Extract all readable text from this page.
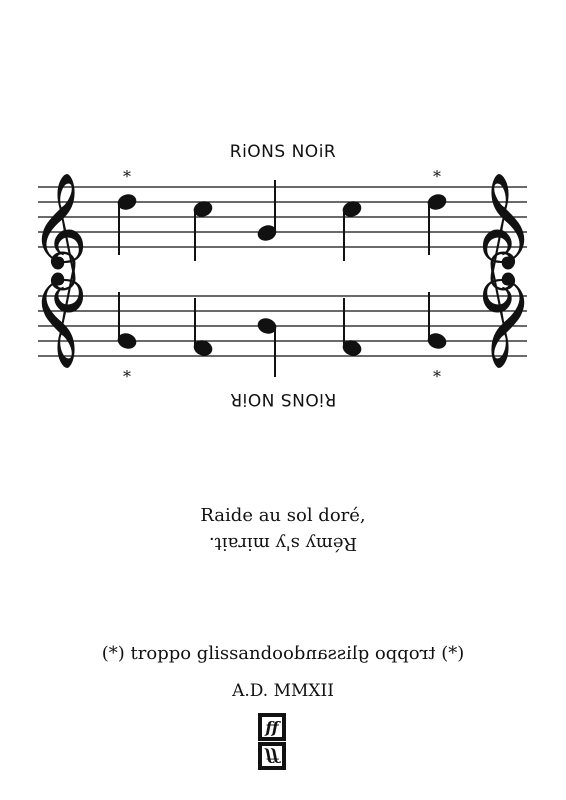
RiONS NOiR
RiONS NOiR
𝄞	𝄞
𝄞	𝄞
*	*
*	*
Raide au sol doré,
Rémy s'y mirait.
(*) troppo glissando(*) troppo glissando
A.D. MMXII
ff
ff
